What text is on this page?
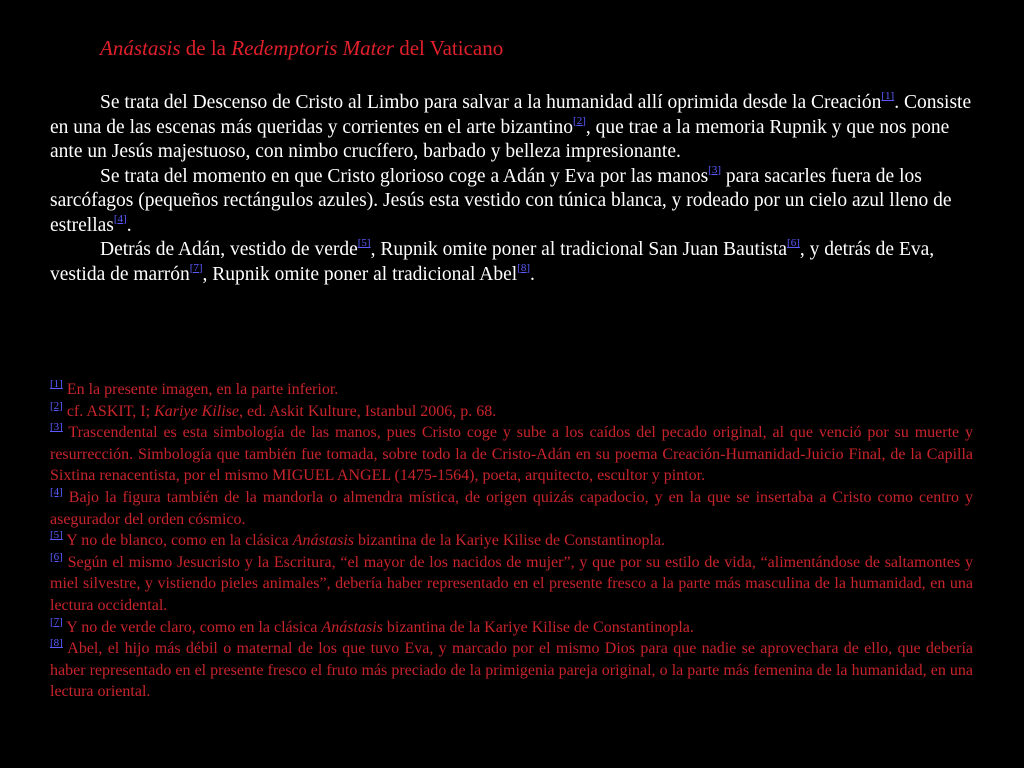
Anástasis de la Redemptoris Mater del Vaticano

Se trata del Descenso de Cristo al Limbo para salvar a la humanidad allí oprimida desde la Creación[1]. Consiste en una de las escenas más queridas y corrientes en el arte bizantino[2], que trae a la memoria Rupnik y que nos pone ante un Jesús majestuoso, con nimbo crucífero, barbado y belleza impresionante.

Se trata del momento en que Cristo glorioso coge a Adán y Eva por las manos[3] para sacarles fuera de los sarcófagos (pequeños rectángulos azules). Jesús esta vestido con túnica blanca, y rodeado por un cielo azul lleno de estrellas[4].

Detrás de Adán, vestido de verde[5], Rupnik omite poner al tradicional San Juan Bautista[6], y detrás de Eva, vestida de marrón[7], Rupnik omite poner al tradicional Abel[8].

[1] En la presente imagen, en la parte inferior.
[2] cf. ASKIT, I; Kariye Kilise, ed. Askit Kulture, Istanbul 2006, p. 68.
[3] Trascendental es esta simbología de las manos, pues Cristo coge y sube a los caídos del pecado original, al que venció por su muerte y resurrección. Simbología que también fue tomada, sobre todo la de Cristo-Adán en su poema Creación-Humanidad-Juicio Final, de la Capilla Sixtina renacentista, por el mismo MIGUEL ANGEL (1475-1564), poeta, arquitecto, escultor y pintor.
[4] Bajo la figura también de la mandorla o almendra mística, de origen quizás capadocio, y en la que se insertaba a Cristo como centro y asegurador del orden cósmico.
[5] Y no de blanco, como en la clásica Anástasis bizantina de la Kariye Kilise de Constantinopla.
[6] Según el mismo Jesucristo y la Escritura, “el mayor de los nacidos de mujer”, y que por su estilo de vida, “alimentándose de saltamontes y miel silvestre, y vistiendo pieles animales”, debería haber representado en el presente fresco a la parte más masculina de la humanidad, en una lectura occidental.
[7] Y no de verde claro, como en la clásica Anástasis bizantina de la Kariye Kilise de Constantinopla.
[8] Abel, el hijo más débil o maternal de los que tuvo Eva, y marcado por el mismo Dios para que nadie se aprovechara de ello, que debería haber representado en el presente fresco el fruto más preciado de la primigenia pareja original, o la parte más femenina de la humanidad, en una lectura oriental.
